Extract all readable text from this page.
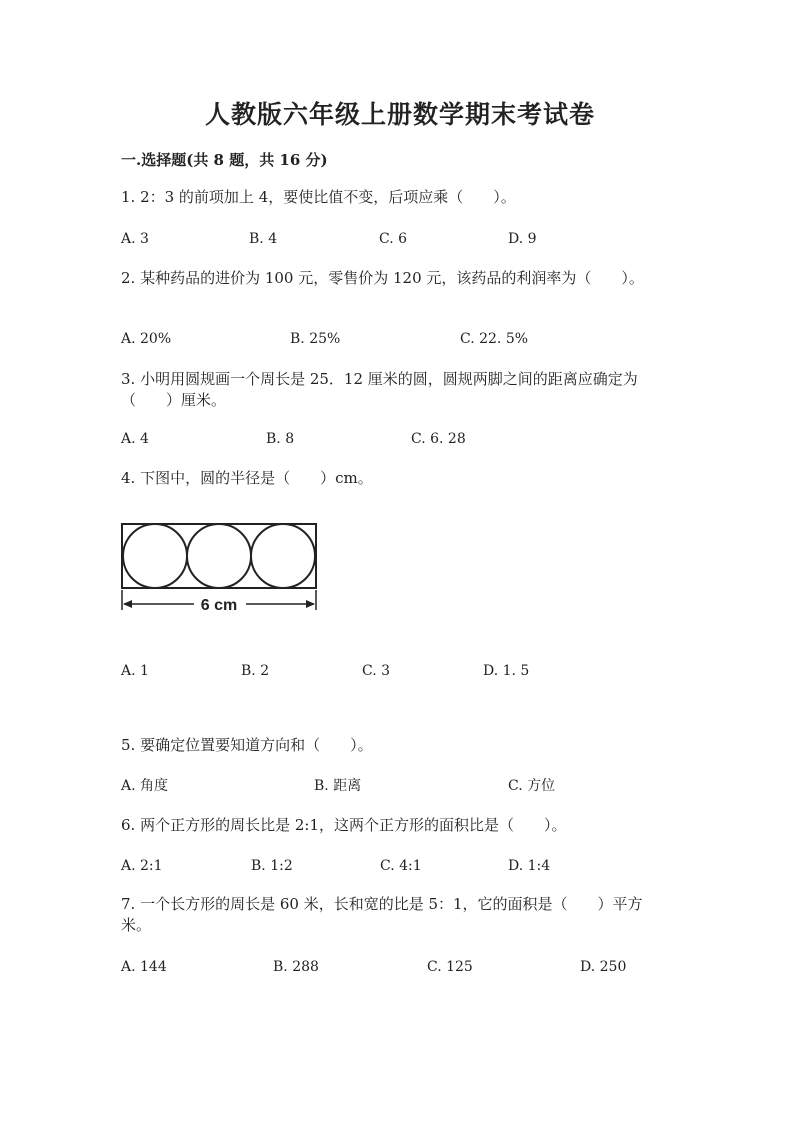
人教版六年级上册数学期末考试卷
一.选择题(共 8 题，共 16 分)
1. 2：3 的前项加上 4，要使比值不变，后项应乘（　　）。
A. 3	B. 4	C. 6	D. 9
2. 某种药品的进价为 100 元，零售价为 120 元，该药品的利润率为（　　）。
A. 20%	B. 25%	C. 22. 5%
3. 小明用圆规画一个周长是 25．12 厘米的圆，圆规两脚之间的距离应确定为
（　　）厘米。
A. 4	B. 8	C. 6. 28
4. 下图中，圆的半径是（　　）cm。
6 cm
A. 1	B. 2	C. 3	D. 1. 5
5. 要确定位置要知道方向和（　　）。
A. 角度	B. 距离	C. 方位
6. 两个正方形的周长比是 2:1，这两个正方形的面积比是（　　）。
A. 2:1	B. 1:2	C. 4:1	D. 1:4
7. 一个长方形的周长是 60 米，长和宽的比是 5：1，它的面积是（　　）平方
米。
A. 144	B. 288	C. 125	D. 250
